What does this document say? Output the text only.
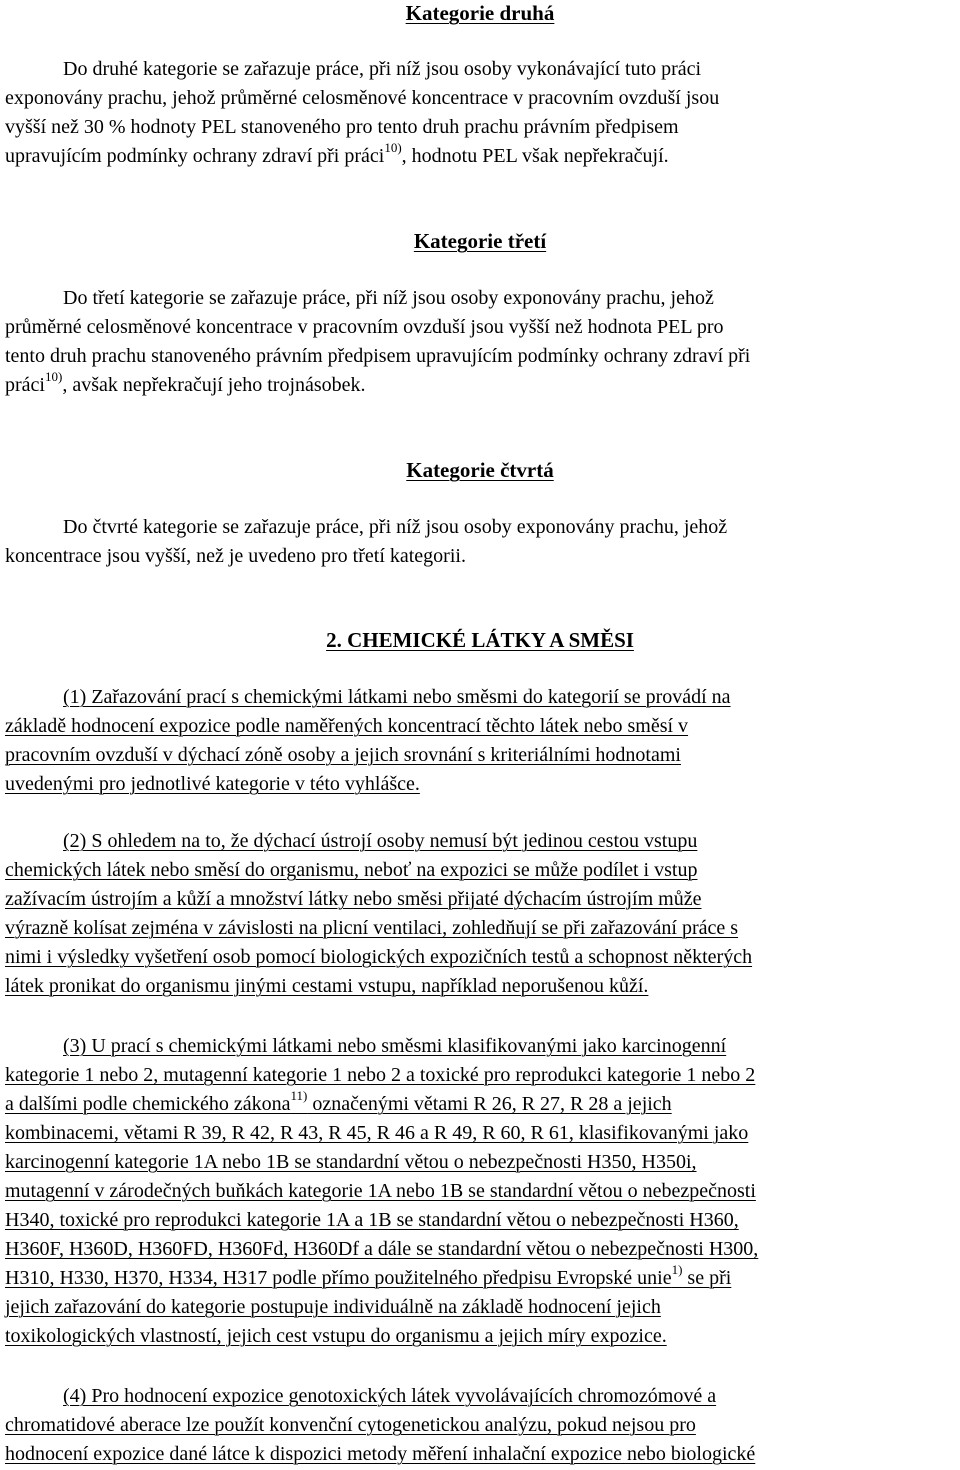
Kategorie druhá
Do druhé kategorie se zařazuje práce, při níž jsou osoby vykonávající tuto práci
exponovány prachu, jehož průměrné celosměnové koncentrace v pracovním ovzduší jsou
vyšší než 30 % hodnoty PEL stanoveného pro tento druh prachu právním předpisem
upravujícím podmínky ochrany zdraví při práci$^{10)}$, hodnotu PEL však nepřekračují.
Kategorie třetí
Do třetí kategorie se zařazuje práce, při níž jsou osoby exponovány prachu, jehož
průměrné celosměnové koncentrace v pracovním ovzduší jsou vyšší než hodnota PEL pro
tento druh prachu stanoveného právním předpisem upravujícím podmínky ochrany zdraví při
práci$^{10)}$, avšak nepřekračují jeho trojnásobek.
Kategorie čtvrtá
Do čtvrté kategorie se zařazuje práce, při níž jsou osoby exponovány prachu, jehož
koncentrace jsou vyšší, než je uvedeno pro třetí kategorii.
2. CHEMICKÉ LÁTKY A SMĚSI
(1) Zařazování prací s chemickými látkami nebo směsmi do kategorií se provádí na
základě hodnocení expozice podle naměřených koncentrací těchto látek nebo směsí v
pracovním ovzduší v dýchací zóně osoby a jejich srovnání s kriteriálními hodnotami
uvedenými pro jednotlivé kategorie v této vyhlášce.
(2) S ohledem na to, že dýchací ústrojí osoby nemusí být jedinou cestou vstupu
chemických látek nebo směsí do organismu, neboť na expozici se může podílet i vstup
zažívacím ústrojím a kůží a množství látky nebo směsi přijaté dýchacím ústrojím může
výrazně kolísat zejména v závislosti na plicní ventilaci, zohledňují se při zařazování práce s
nimi i výsledky vyšetření osob pomocí biologických expozičních testů a schopnost některých
látek pronikat do organismu jinými cestami vstupu, například neporušenou kůží.
(3) U prací s chemickými látkami nebo směsmi klasifikovanými jako karcinogenní
kategorie 1 nebo 2, mutagenní kategorie 1 nebo 2 a toxické pro reprodukci kategorie 1 nebo 2
a dalšími podle chemického zákona$^{11)}$ označenými větami R 26, R 27, R 28 a jejich
kombinacemi, větami R 39, R 42, R 43, R 45, R 46 a R 49, R 60, R 61, klasifikovanými jako
karcinogenní kategorie 1A nebo 1B se standardní větou o nebezpečnosti H350, H350i,
mutagenní v zárodečných buňkách kategorie 1A nebo 1B se standardní větou o nebezpečnosti
H340, toxické pro reprodukci kategorie 1A a 1B se standardní větou o nebezpečnosti H360,
H360F, H360D, H360FD, H360Fd, H360Df a dále se standardní větou o nebezpečnosti H300,
H310, H330, H370, H334, H317 podle přímo použitelného předpisu Evropské unie$^{1)}$ se při
jejich zařazování do kategorie postupuje individuálně na základě hodnocení jejich
toxikologických vlastností, jejich cest vstupu do organismu a jejich míry expozice.
(4) Pro hodnocení expozice genotoxických látek vyvolávajících chromozómové a
chromatidové aberace lze použít konvenční cytogenetickou analýzu, pokud nejsou pro
hodnocení expozice dané látce k dispozici metody měření inhalační expozice nebo biologické
